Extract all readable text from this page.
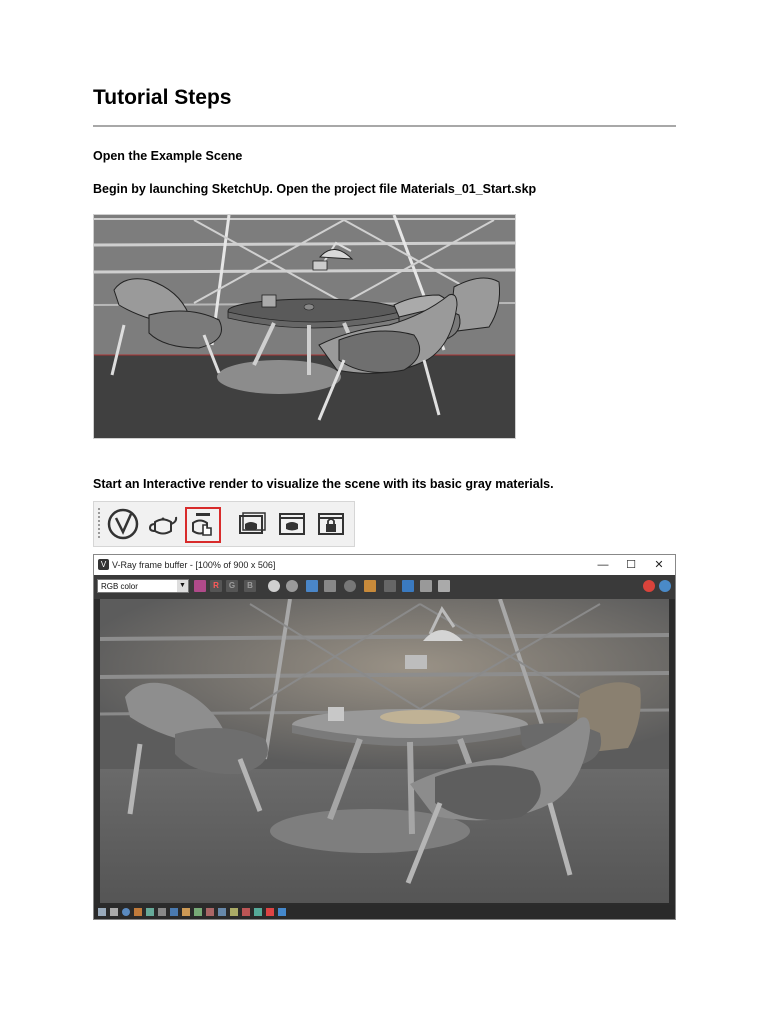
Tutorial Steps
Open the Example Scene
Begin by launching SketchUp. Open the project file Materials_01_Start.skp
Start an Interactive render to visualize the scene with its basic gray materials.
V V-Ray frame buffer - [100% of 900 x 506]	—	☐	✕
RGB color	▼	R	G	B
